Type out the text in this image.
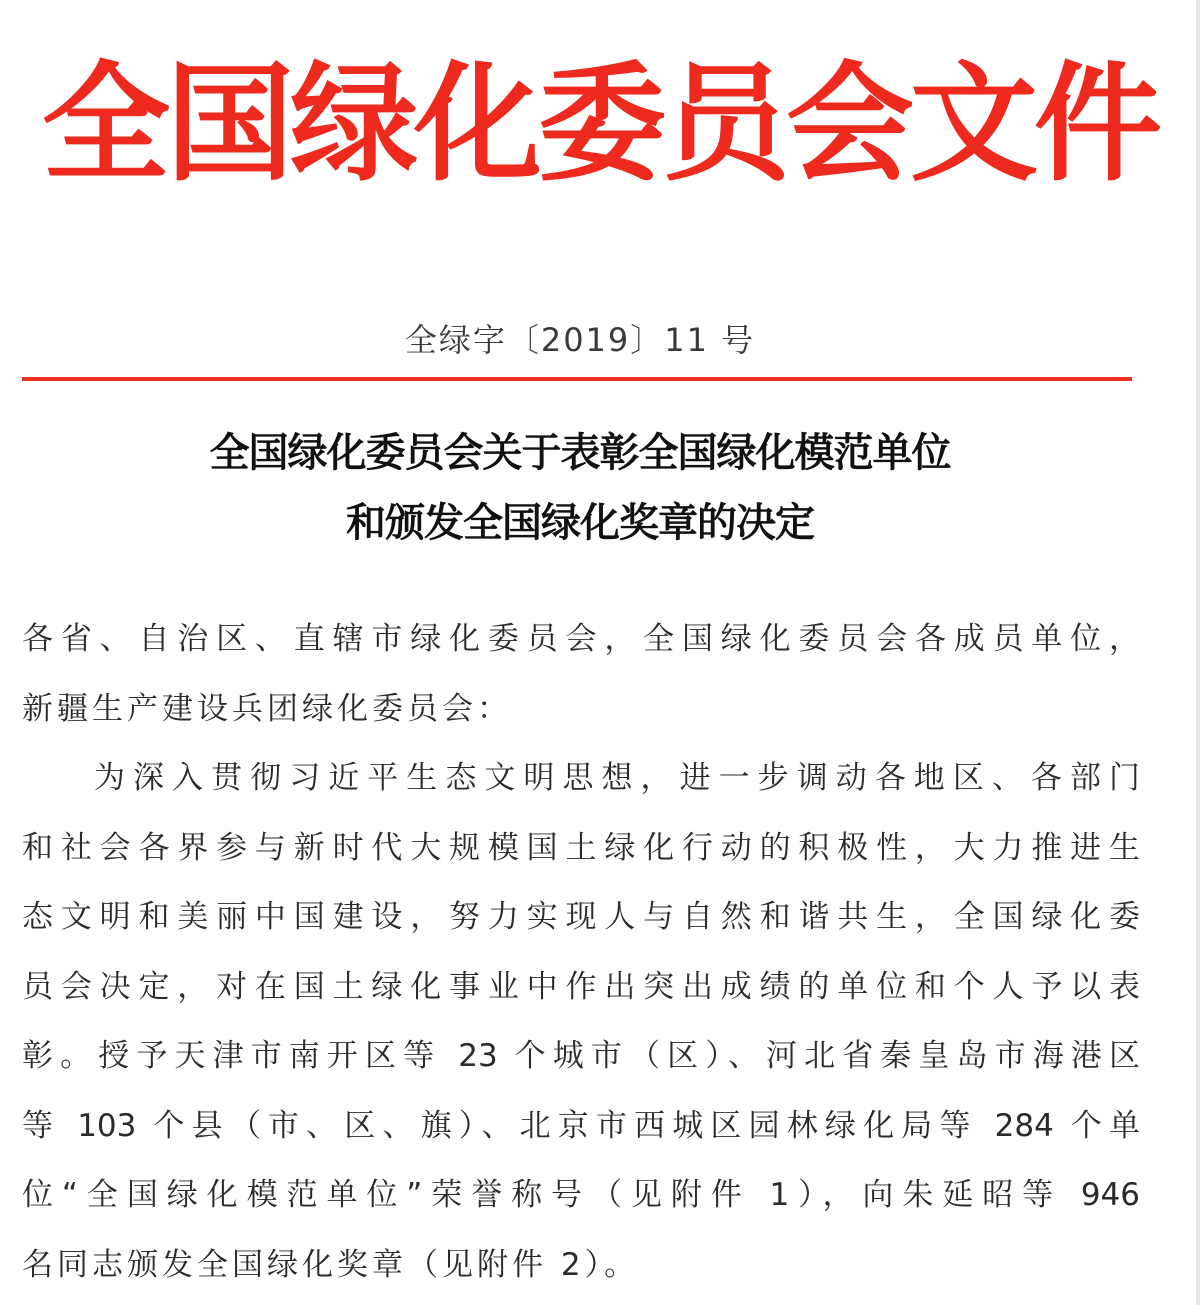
全国绿化委员会文件
全绿字〔2019〕11 号
全国绿化委员会关于表彰全国绿化模范单位
和颁发全国绿化奖章的决定
各省、自治区、直辖市绿化委员会，全国绿化委员会各成员单位，
新疆生产建设兵团绿化委员会：
为深入贯彻习近平生态文明思想，进一步调动各地区、各部门
和社会各界参与新时代大规模国土绿化行动的积极性，大力推进生
态文明和美丽中国建设，努力实现人与自然和谐共生，全国绿化委
员会决定，对在国土绿化事业中作出突出成绩的单位和个人予以表
彰。授予天津市南开区等 23 个城市（区）、河北省秦皇岛市海港区
等 103 个县（市、区、旗）、北京市西城区园林绿化局等 284 个单
位“全国绿化模范单位”荣誉称号（见附件 1），向朱延昭等 946
名同志颁发全国绿化奖章（见附件 2）。
